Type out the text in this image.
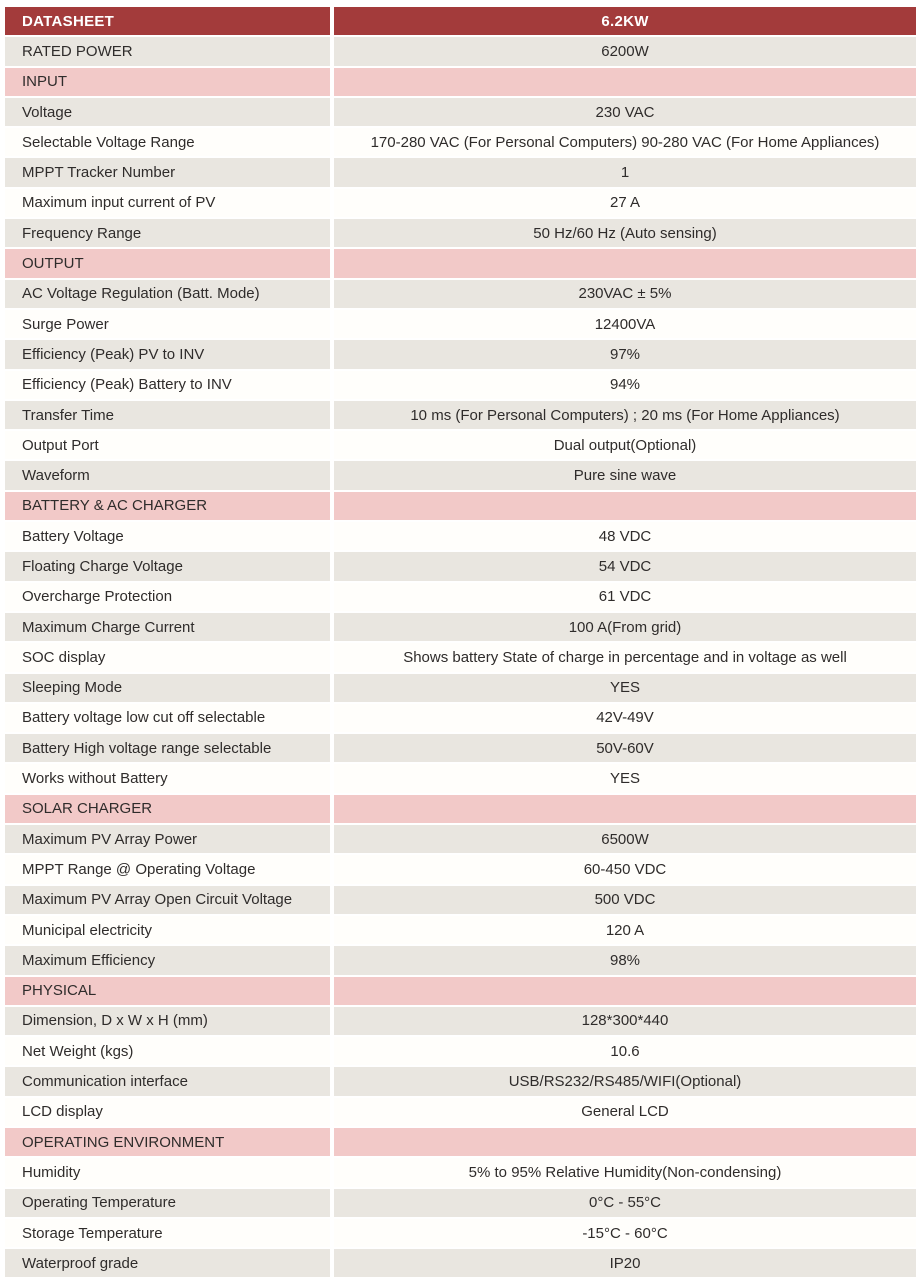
DATASHEET	6.2KW
RATED POWER	6200W
INPUT
Voltage	230 VAC
Selectable Voltage Range	170-280 VAC (For Personal Computers) 90-280 VAC (For Home Appliances)
MPPT Tracker Number	1
Maximum input current of PV	27 A
Frequency Range	50 Hz/60 Hz (Auto sensing)
OUTPUT
AC Voltage Regulation (Batt. Mode)	230VAC ± 5%
Surge Power	12400VA
Efficiency (Peak) PV to INV	97%
Efficiency (Peak) Battery to INV	94%
Transfer Time	10 ms (For Personal Computers) ; 20 ms (For Home Appliances)
Output Port	Dual output(Optional)
Waveform	Pure sine wave
BATTERY & AC CHARGER
Battery Voltage	48 VDC
Floating Charge Voltage	54 VDC
Overcharge Protection	61 VDC
Maximum Charge Current	100 A(From grid)
SOC display	Shows battery State of charge in percentage and in voltage as well
Sleeping Mode	YES
Battery voltage low cut off selectable	42V-49V
Battery High voltage range selectable	50V-60V
Works without Battery	YES
SOLAR CHARGER
Maximum PV Array Power	6500W
MPPT Range @ Operating Voltage	60-450 VDC
Maximum PV Array Open Circuit Voltage	500 VDC
Municipal electricity	120 A
Maximum Efficiency	98%
PHYSICAL
Dimension, D x W x H (mm)	128*300*440
Net Weight (kgs)	10.6
Communication interface	USB/RS232/RS485/WIFI(Optional)
LCD display	General LCD
OPERATING ENVIRONMENT
Humidity	5% to 95% Relative Humidity(Non-condensing)
Operating Temperature	0°C - 55°C
Storage Temperature	-15°C - 60°C
Waterproof grade	IP20
